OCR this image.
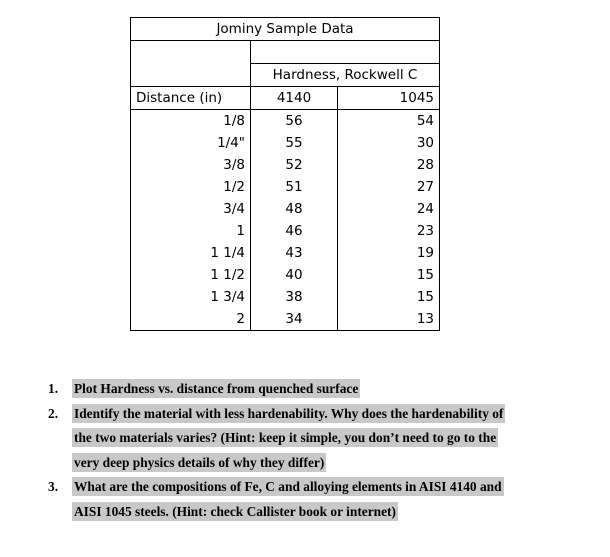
Jominy Sample Data		

	Hardness, Rockwell C	
Distance (in)	4140	1045
1/8	56	54
1/4"	55	30
3/8	52	28
1/2	51	27
3/4	48	24
1	46	23
1 1/4	43	19
1 1/2	40	15
1 3/4	38	15
2	34	13
1.	Plot Hardness vs. distance from quenched surface
2.	Identify the material with less hardenability. Why does the hardenability of
the two materials varies? (Hint: keep it simple, you don’t need to go to the
very deep physics details of why they differ)
3.	What are the compositions of Fe, C and alloying elements in AISI 4140 and
AISI 1045 steels. (Hint: check Callister book or internet)
